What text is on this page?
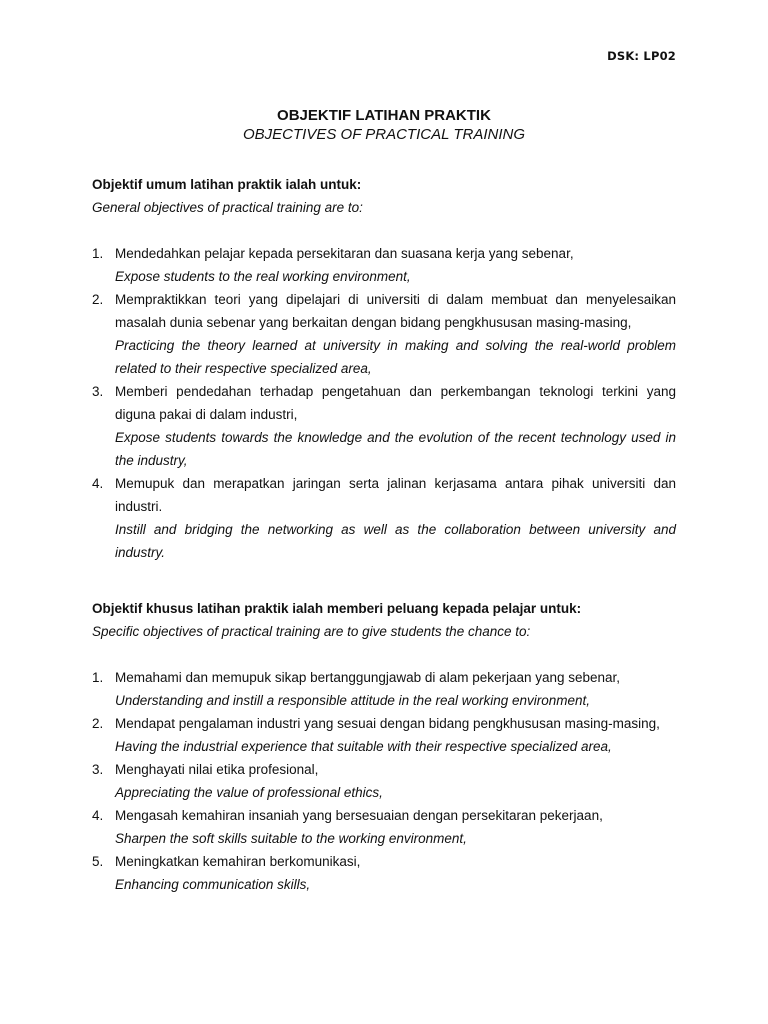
DSK: LP02
OBJEKTIF LATIHAN PRAKTIK
OBJECTIVES OF PRACTICAL TRAINING
Objektif umum latihan praktik ialah untuk:
General objectives of practical training are to:
1. Mendedahkan pelajar kepada persekitaran dan suasana kerja yang sebenar,
Expose students to the real working environment,
2. Mempraktikkan teori yang dipelajari di universiti di dalam membuat dan menyelesaikan masalah dunia sebenar yang berkaitan dengan bidang pengkhususan masing-masing,
Practicing the theory learned at university in making and solving the real-world problem related to their respective specialized area,
3. Memberi pendedahan terhadap pengetahuan dan perkembangan teknologi terkini yang diguna pakai di dalam industri,
Expose students towards the knowledge and the evolution of the recent technology used in the industry,
4. Memupuk dan merapatkan jaringan serta jalinan kerjasama antara pihak universiti dan industri.
Instill and bridging the networking as well as the collaboration between university and industry.
Objektif khusus latihan praktik ialah memberi peluang kepada pelajar untuk:
Specific objectives of practical training are to give students the chance to:
1. Memahami dan memupuk sikap bertanggungjawab di alam pekerjaan yang sebenar,
Understanding and instill a responsible attitude in the real working environment,
2. Mendapat pengalaman industri yang sesuai dengan bidang pengkhususan masing-masing,
Having the industrial experience that suitable with their respective specialized area,
3. Menghayati nilai etika profesional,
Appreciating the value of professional ethics,
4. Mengasah kemahiran insaniah yang bersesuaian dengan persekitaran pekerjaan,
Sharpen the soft skills suitable to the working environment,
5. Meningkatkan kemahiran berkomunikasi,
Enhancing communication skills,
